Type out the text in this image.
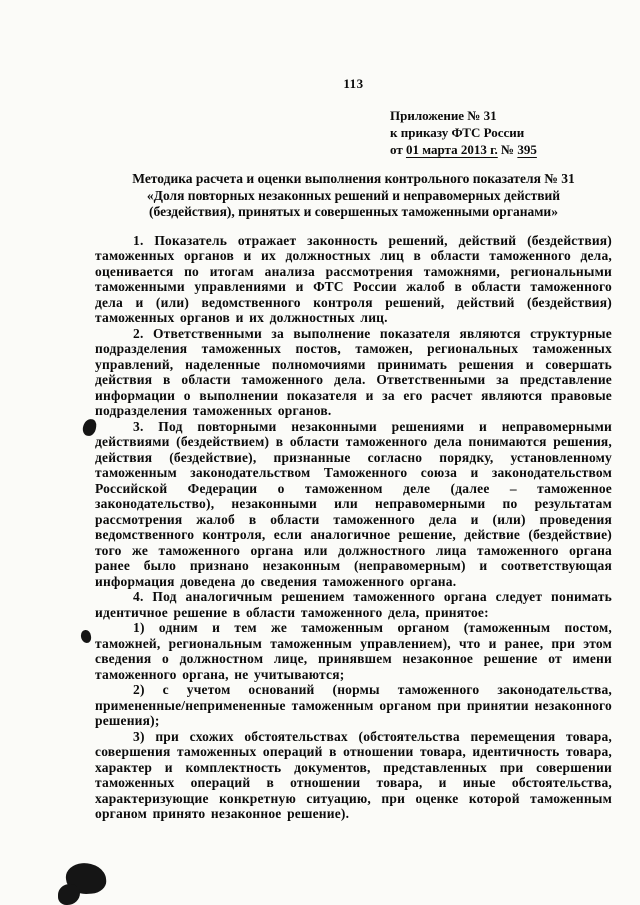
113
Приложение № 31
к приказу ФТС России
от 01 марта 2013 г. № 395
Методика расчета и оценки выполнения контрольного показателя № 31
«Доля повторных незаконных решений и неправомерных действий
(бездействия), принятых и совершенных таможенными органами»

1. Показатель отражает законность решений, действий (бездействия) таможенных органов и их должностных лиц в области таможенного дела, оценивается по итогам анализа рассмотрения таможнями, региональными таможенными управлениями и ФТС России жалоб в области таможенного дела и (или) ведомственного контроля решений, действий (бездействия) таможенных органов и их должностных лиц.

2. Ответственными за выполнение показателя являются структурные подразделения таможенных постов, таможен, региональных таможенных управлений, наделенные полномочиями принимать решения и совершать действия в области таможенного дела. Ответственными за представление информации о выполнении показателя и за его расчет являются правовые подразделения таможенных органов.

3. Под повторными незаконными решениями и неправомерными действиями (бездействием) в области таможенного дела понимаются решения, действия (бездействие), признанные согласно порядку, установленному таможенным законодательством Таможенного союза и законодательством Российской Федерации о таможенном деле (далее – таможенное законодательство), незаконными или неправомерными по результатам рассмотрения жалоб в области таможенного дела и (или) проведения ведомственного контроля, если аналогичное решение, действие (бездействие) того же таможенного органа или должностного лица таможенного органа ранее было признано незаконным (неправомерным) и соответствующая информация доведена до сведения таможенного органа.

4. Под аналогичным решением таможенного органа следует понимать идентичное решение в области таможенного дела, принятое:

1) одним и тем же таможенным органом (таможенным постом, таможней, региональным таможенным управлением), что и ранее, при этом сведения о должностном лице, принявшем незаконное решение от имени таможенного органа, не учитываются;

2) с учетом оснований (нормы таможенного законодательства, примененные/непримененные таможенным органом при принятии незаконного решения);

3) при схожих обстоятельствах (обстоятельства перемещения товара, совершения таможенных операций в отношении товара, идентичность товара, характер и комплектность документов, представленных при совершении таможенных операций в отношении товара, и иные обстоятельства, характеризующие конкретную ситуацию, при оценке которой таможенным органом принято незаконное решение).
